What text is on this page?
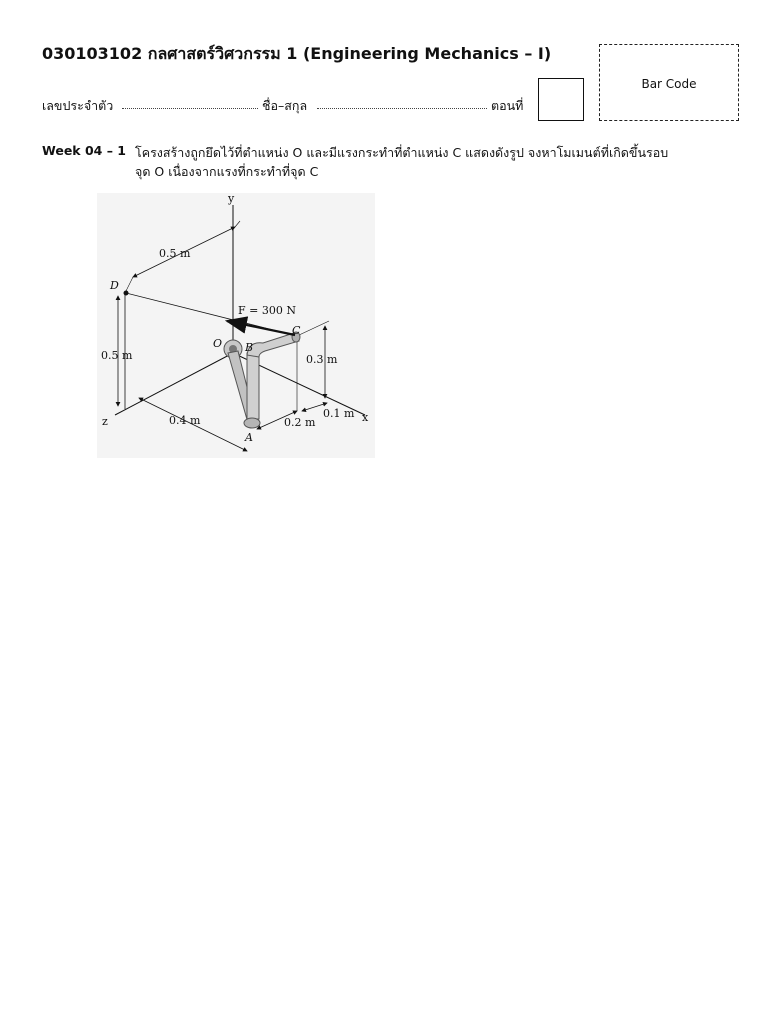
030103102 กลศาสตร์วิศวกรรม 1 (Engineering Mechanics – I)
Bar Code
เลขประจำตัว	ชื่อ–สกุล	ตอนที่
Week 04 – 1 โครงสร้างถูกยึดไว้ที่ตำแหน่ง O และมีแรงกระทำที่ตำแหน่ง C แสดงดังรูป จงหาโมเมนต์ที่เกิดขึ้นรอบ
จุด O เนื่องจากแรงที่กระทำที่จุด C
y
z	x
D
O B
C
A
F = 300 N
0.5 m
0.5 m	0.3 m
0.4 m	0.2 m
0.1 m
